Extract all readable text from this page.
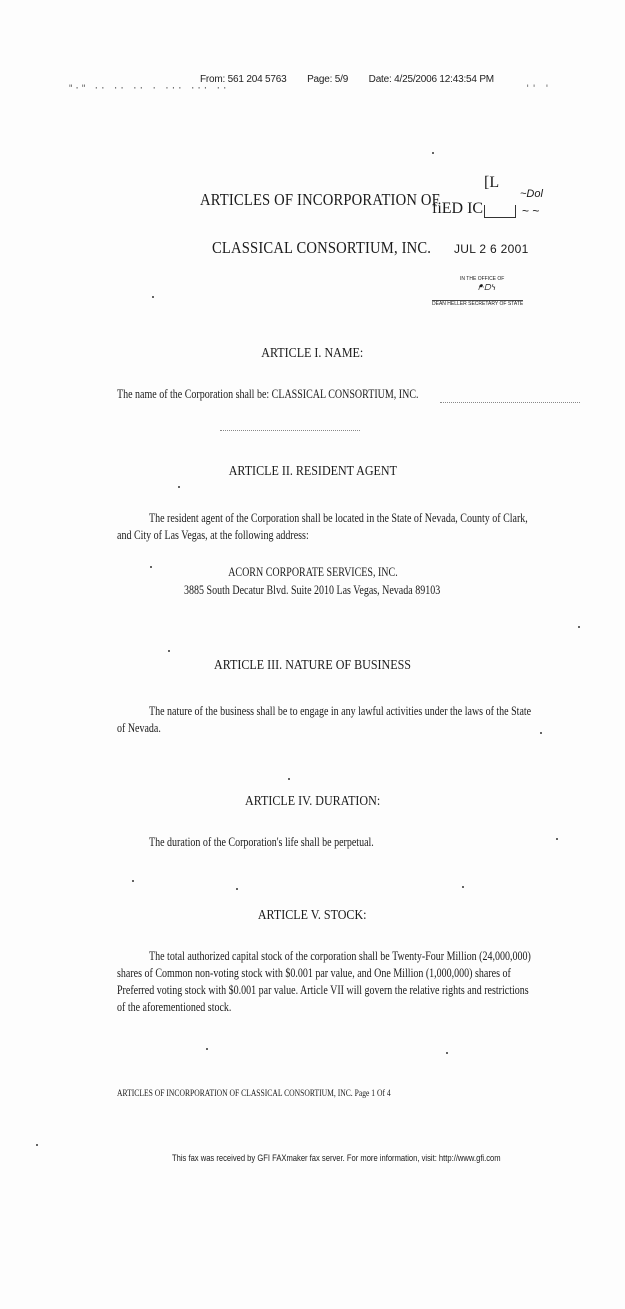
"·" ·· ·· ·· · ··· ··· ··
From: 561 204 5763 Page: 5/9 Date: 4/25/2006 12:43:54 PM
'' '
ARTICLES OF INCORPORATION OF
CLASSICAL CONSORTIUM, INC.
[L
~Dol
fiED IC	~ ~
JUL 2 6 2001
IN THE OFFICE OF
ᖰ·ᗞᓭ
DEAN HELLER SECRETARY OF STATE
ARTICLE I. NAME:
The name of the Corporation shall be: CLASSICAL CONSORTIUM, INC.
ARTICLE II. RESIDENT AGENT
The resident agent of the Corporation shall be located in the State of Nevada, County of Clark,
and City of Las Vegas, at the following address:
ACORN CORPORATE SERVICES, INC.
3885 South Decatur Blvd. Suite 2010 Las Vegas, Nevada 89103
ARTICLE III. NATURE OF BUSINESS
The nature of the business shall be to engage in any lawful activities under the laws of the State
of Nevada.
ARTICLE IV. DURATION:
The duration of the Corporation's life shall be perpetual.
ARTICLE V. STOCK:
The total authorized capital stock of the corporation shall be Twenty-Four Million (24,000,000)
shares of Common non-voting stock with $0.001 par value, and One Million (1,000,000) shares of
Preferred voting stock with $0.001 par value. Article VII will govern the relative rights and restrictions
of the aforementioned stock.
ARTICLES OF INCORPORATION OF CLASSICAL CONSORTIUM, INC. Page 1 Of 4
This fax was received by GFI FAXmaker fax server. For more information, visit: http://www.gfi.com
